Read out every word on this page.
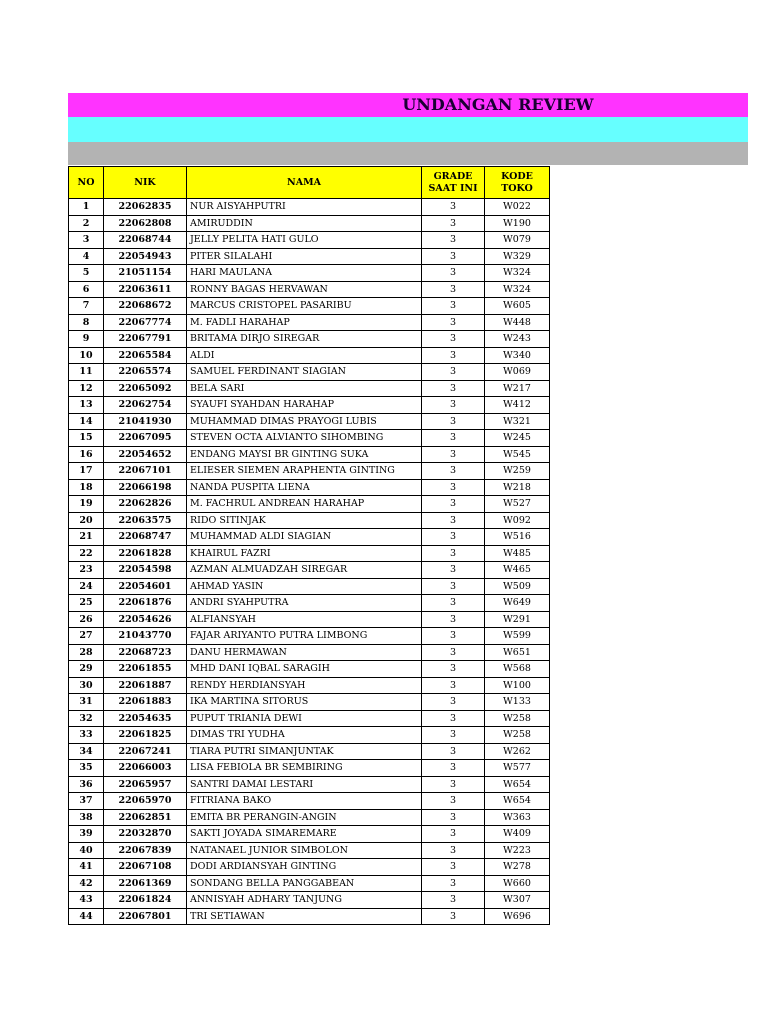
UNDANGAN REVIEW
NO	NIK	NAMA	GRADE SAAT INI	KODE TOKO
1	22062835	NUR AISYAHPUTRI	3	W022
2	22062808	AMIRUDDIN	3	W190
3	22068744	JELLY PELITA HATI GULO	3	W079
4	22054943	PITER SILALAHI	3	W329
5	21051154	HARI MAULANA	3	W324
6	22063611	RONNY BAGAS HERVAWAN	3	W324
7	22068672	MARCUS CRISTOPEL PASARIBU	3	W605
8	22067774	M. FADLI HARAHAP	3	W448
9	22067791	BRITAMA DIRJO SIREGAR	3	W243
10	22065584	ALDI	3	W340
11	22065574	SAMUEL FERDINANT SIAGIAN	3	W069
12	22065092	BELA SARI	3	W217
13	22062754	SYAUFI SYAHDAN HARAHAP	3	W412
14	21041930	MUHAMMAD DIMAS PRAYOGI LUBIS	3	W321
15	22067095	STEVEN OCTA ALVIANTO SIHOMBING	3	W245
16	22054652	ENDANG MAYSI BR GINTING SUKA	3	W545
17	22067101	ELIESER SIEMEN ARAPHENTA GINTING	3	W259
18	22066198	NANDA PUSPITA LIENA	3	W218
19	22062826	M. FACHRUL ANDREAN HARAHAP	3	W527
20	22063575	RIDO SITINJAK	3	W092
21	22068747	MUHAMMAD ALDI SIAGIAN	3	W516
22	22061828	KHAIRUL FAZRI	3	W485
23	22054598	AZMAN ALMUADZAH SIREGAR	3	W465
24	22054601	AHMAD YASIN	3	W509
25	22061876	ANDRI SYAHPUTRA	3	W649
26	22054626	ALFIANSYAH	3	W291
27	21043770	FAJAR ARIYANTO PUTRA LIMBONG	3	W599
28	22068723	DANU HERMAWAN	3	W651
29	22061855	MHD DANI IQBAL SARAGIH	3	W568
30	22061887	RENDY HERDIANSYAH	3	W100
31	22061883	IKA MARTINA SITORUS	3	W133
32	22054635	PUPUT TRIANIA DEWI	3	W258
33	22061825	DIMAS TRI YUDHA	3	W258
34	22067241	TIARA PUTRI SIMANJUNTAK	3	W262
35	22066003	LISA FEBIOLA BR SEMBIRING	3	W577
36	22065957	SANTRI DAMAI LESTARI	3	W654
37	22065970	FITRIANA BAKO	3	W654
38	22062851	EMITA BR PERANGIN-ANGIN	3	W363
39	22032870	SAKTI JOYADA SIMAREMARE	3	W409
40	22067839	NATANAEL JUNIOR SIMBOLON	3	W223
41	22067108	DODI ARDIANSYAH GINTING	3	W278
42	22061369	SONDANG BELLA PANGGABEAN	3	W660
43	22061824	ANNISYAH ADHARY TANJUNG	3	W307
44	22067801	TRI SETIAWAN	3	W696
